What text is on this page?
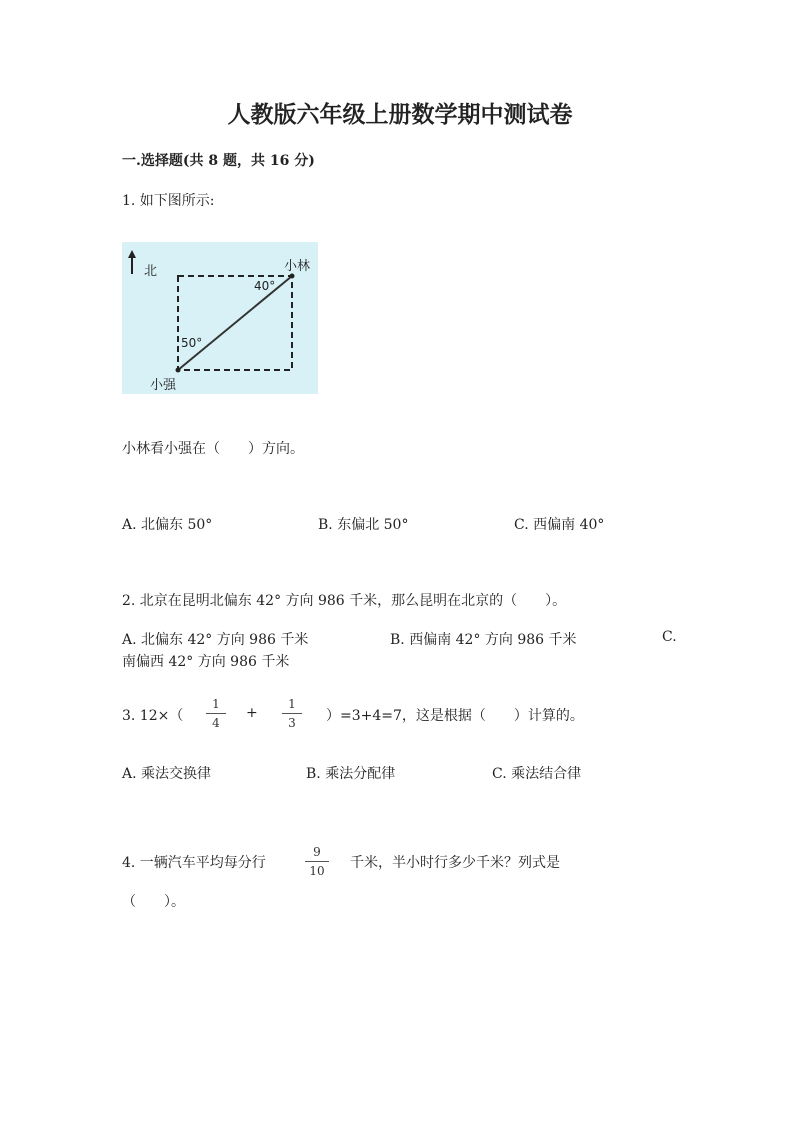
人教版六年级上册数学期中测试卷
一.选择题(共 8 题，共 16 分)
1. 如下图所示:
北	小林
小强
40°
50°
小林看小强在（　　）方向。
A. 北偏东 50°	B. 东偏北 50°	C. 西偏南 40°
2. 北京在昆明北偏东 42° 方向 986 千米，那么昆明在北京的（　　）。
A. 北偏东 42° 方向 986 千米	B. 西偏南 42° 方向 986 千米	C.
南偏西 42° 方向 986 千米
3. 12×（
1
4
+
1
3	）=3+4=7，这是根据（　　）计算的。
A. 乘法交换律	B. 乘法分配律	C. 乘法结合律
4. 一辆汽车平均每分行
9
10	千米，半小时行多少千米？列式是
（　　）。
